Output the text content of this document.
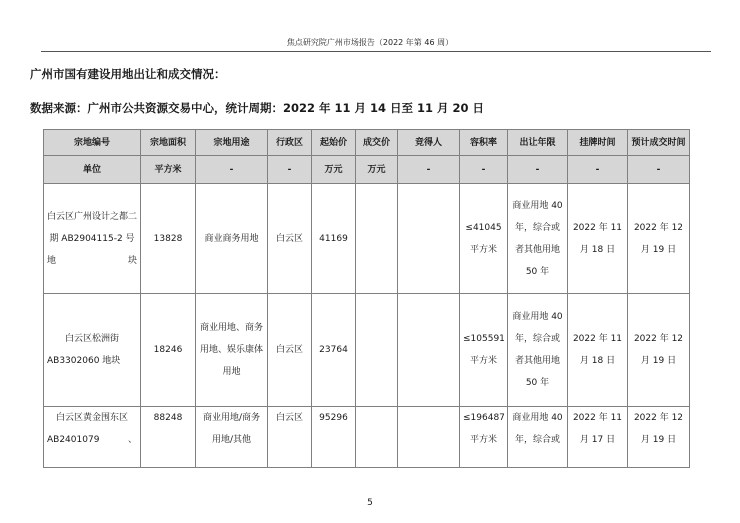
焦点研究院广州市场报告（2022 年第 46 周）
广州市国有建设用地出让和成交情况：
数据来源：广州市公共资源交易中心，统计周期：2022 年 11 月 14 日至 11 月 20 日
宗地编号	宗地面积	宗地用途	行政区	起始价	成交价	竞得人	容积率	出让年限	挂牌时间	预计成交时间
单位	平方米	-	-	万元	万元	-	-	-	-	-
白云区广州设计之都二期 AB2904115-2 号地块	13828	商业商务用地	白云区	41169			≤41045 平方米	商业用地 40 年，综合或者其他用地 50 年	2022 年 11 月 18 日	2022 年 12 月 19 日
白云区松洲街 AB3302060 地块	18246	商业用地、商务用地、娱乐康体用地	白云区	23764			≤105591 平方米	商业用地 40 年，综合或者其他用地 50 年	2022 年 11 月 18 日	2022 年 12 月 19 日
白云区黄金围东区 AB2401079 、	88248	商业用地/商务用地/其他	白云区	95296			≤196487 平方米	商业用地 40 年，综合或	2022 年 11 月 17 日	2022 年 12 月 19 日
5
